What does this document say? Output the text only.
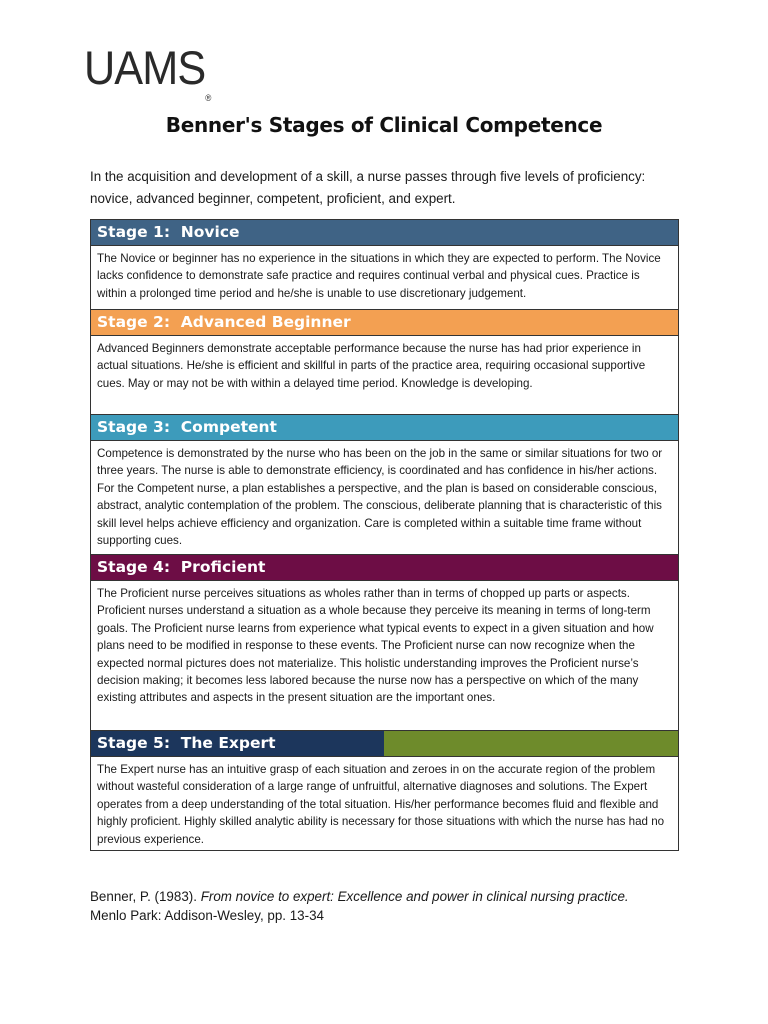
UAMS®
Benner's Stages of Clinical Competence
In the acquisition and development of a skill, a nurse passes through five levels of proficiency: novice, advanced beginner, competent, proficient, and expert.
Stage 1:  Novice
The Novice or beginner has no experience in the situations in which they are expected to perform. The Novice lacks confidence to demonstrate safe practice and requires continual verbal and physical cues. Practice is within a prolonged time period and he/she is unable to use discretionary judgement.
Stage 2:  Advanced Beginner
Advanced Beginners demonstrate acceptable performance because the nurse has had prior experience in actual situations. He/she is efficient and skillful in parts of the practice area, requiring occasional supportive cues. May or may not be with within a delayed time period. Knowledge is developing.
Stage 3:  Competent
Competence is demonstrated by the nurse who has been on the job in the same or similar situations for two or three years. The nurse is able to demonstrate efficiency, is coordinated and has confidence in his/her actions. For the Competent nurse, a plan establishes a perspective, and the plan is based on considerable conscious, abstract, analytic contemplation of the problem. The conscious, deliberate planning that is characteristic of this skill level helps achieve efficiency and organization. Care is completed within a suitable time frame without supporting cues.
Stage 4:  Proficient
The Proficient nurse perceives situations as wholes rather than in terms of chopped up parts or aspects. Proficient nurses understand a situation as a whole because they perceive its meaning in terms of long-term goals. The Proficient nurse learns from experience what typical events to expect in a given situation and how plans need to be modified in response to these events. The Proficient nurse can now recognize when the expected normal pictures does not materialize. This holistic understanding improves the Proficient nurse’s decision making; it becomes less labored because the nurse now has a perspective on which of the many existing attributes and aspects in the present situation are the important ones.
Stage 5:  The Expert
The Expert nurse has an intuitive grasp of each situation and zeroes in on the accurate region of the problem without wasteful consideration of a large range of unfruitful, alternative diagnoses and solutions. The Expert operates from a deep understanding of the total situation. His/her performance becomes fluid and flexible and highly proficient. Highly skilled analytic ability is necessary for those situations with which the nurse has had no previous experience.
Benner, P. (1983). From novice to expert: Excellence and power in clinical nursing practice.
Menlo Park: Addison-Wesley, pp. 13-34
